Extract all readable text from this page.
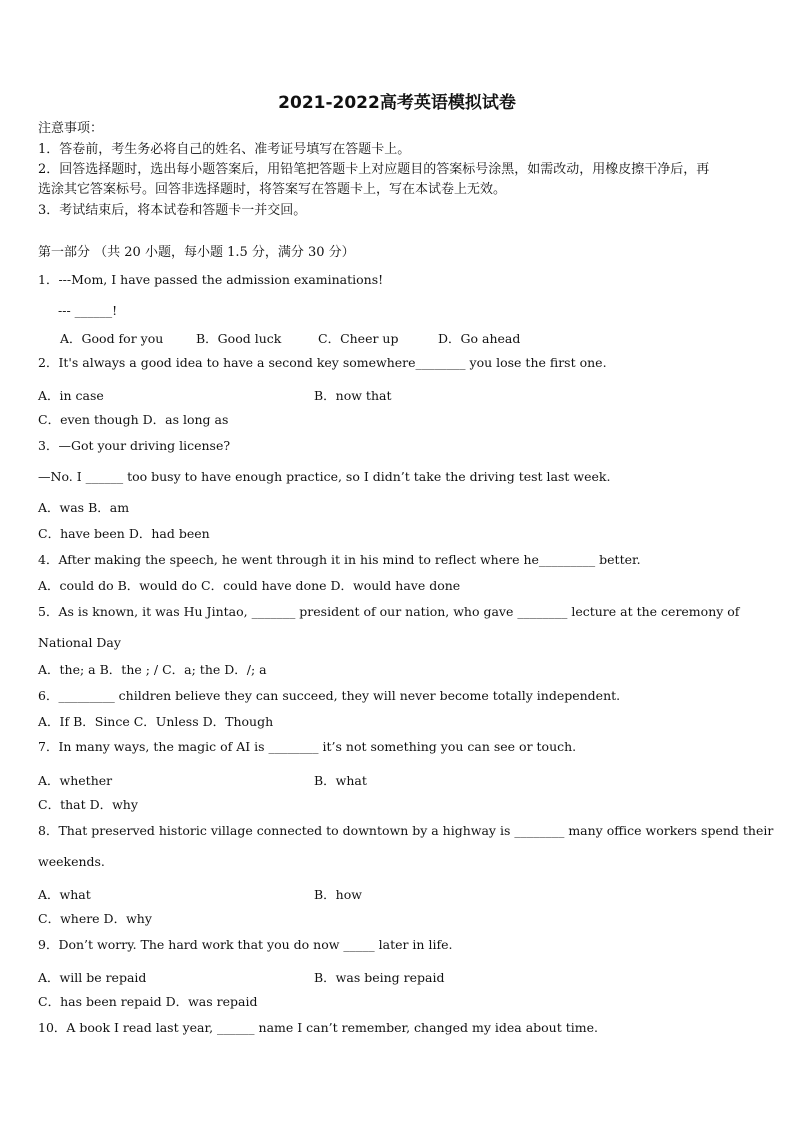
2021-2022高考英语模拟试卷
注意事项：
1．答卷前，考生务必将自己的姓名、准考证号填写在答题卡上。
2．回答选择题时，选出每小题答案后，用铅笔把答题卡上对应题目的答案标号涂黑，如需改动，用橡皮擦干净后，再
选涂其它答案标号。回答非选择题时，将答案写在答题卡上，写在本试卷上无效。
3．考试结束后，将本试卷和答题卡一并交回。
第一部分 （共 20 小题，每小题 1.5 分，满分 30 分）
1．---Mom, I have passed the admission examinations!
--- ______!
A．Good for you	B．Good luck	C．Cheer up	D．Go ahead
2．It's always a good idea to have a second key somewhere________ you lose the first one.
A．in case	B．now that
C．even though D．as long as
3．—Got your driving license?
—No. I ______ too busy to have enough practice, so I didn’t take the driving test last week.
A．was B．am
C．have been D．had been
4．After making the speech, he went through it in his mind to reflect where he_________ better.
A．could do B．would do C．could have done D．would have done
5．As is known, it was Hu Jintao, _______ president of our nation, who gave ________ lecture at the ceremony of
National Day
A．the; a B．the ; / C．a; the D．/; a
6．_________ children believe they can succeed, they will never become totally independent.
A．If B．Since C．Unless D．Though
7．In many ways, the magic of AI is ________ it’s not something you can see or touch.
A．whether	B．what
C．that D．why
8．That preserved historic village connected to downtown by a highway is ________ many office workers spend their
weekends.
A．what	B．how
C．where D．why
9．Don’t worry. The hard work that you do now _____ later in life.
A．will be repaid	B．was being repaid
C．has been repaid D．was repaid
10．A book I read last year, ______ name I can’t remember, changed my idea about time.
